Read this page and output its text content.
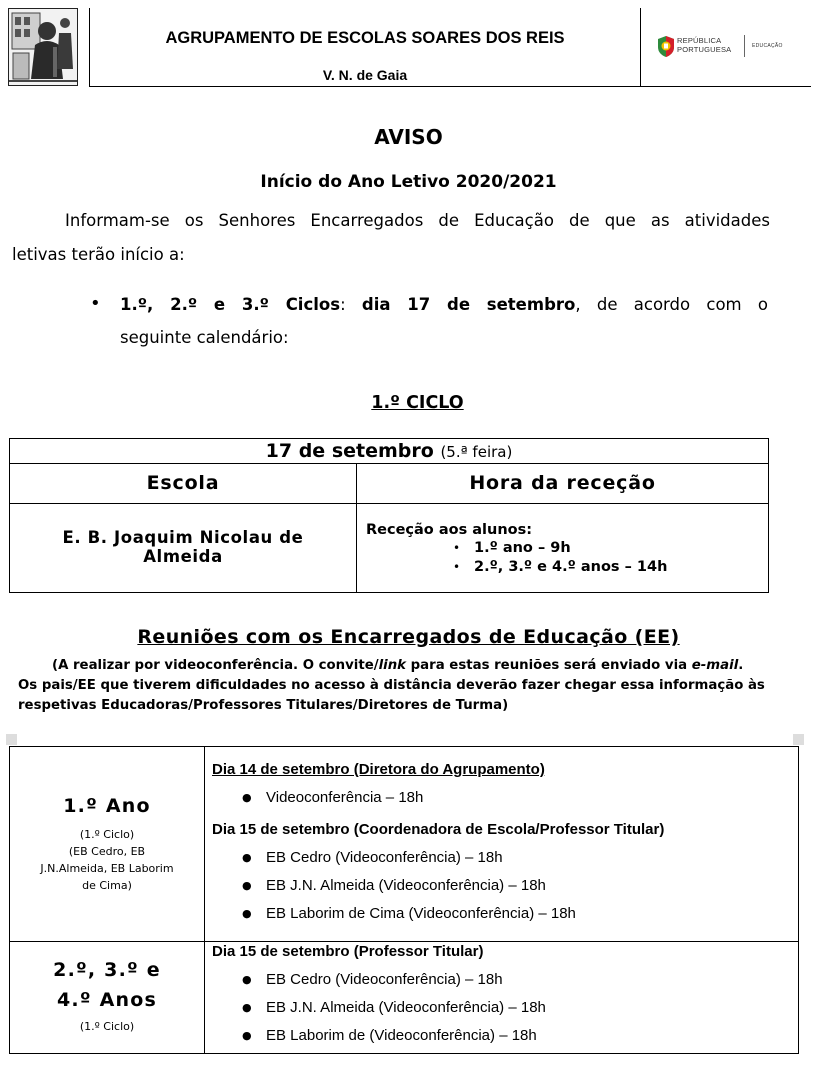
AGRUPAMENTO DE ESCOLAS SOARES DOS REIS
V. N. de Gaia
REPÚBLICA
PORTUGUESA	EDUCAÇÃO
AVISO
Início do Ano Letivo 2020/2021
Informam-se os Senhores Encarregados de Educação de que as atividades
letivas terão início a:
• 1.º, 2.º e 3.º Ciclos: dia 17 de setembro, de acordo com o
seguinte calendário:
1.º CICLO
17 de setembro (5.ª feira)
Escola	Hora da receção
E. B. Joaquim Nicolau de
Almeida
Receção aos alunos:
• 1.º ano – 9h
• 2.º, 3.º e 4.º anos – 14h
Reuniões com os Encarregados de Educação (EE)
(A realizar por videoconferência. O convite/link para estas reuniões será enviado via e-mail.
Os pais/EE que tiverem dificuldades no acesso à distância deverão fazer chegar essa informação às
respetivas Educadoras/Professores Titulares/Diretores de Turma)
1.º Ano
(1.º Ciclo)
(EB Cedro, EB
J.N.Almeida, EB Laborim
de Cima)
Dia 14 de setembro (Diretora do Agrupamento)
● Videoconferência – 18h
Dia 15 de setembro (Coordenadora de Escola/Professor Titular)
● EB Cedro (Videoconferência) – 18h
● EB J.N. Almeida (Videoconferência) – 18h
● EB Laborim de Cima (Videoconferência) – 18h
2.º, 3.º e
4.º Anos
(1.º Ciclo)
Dia 15 de setembro (Professor Titular)
● EB Cedro (Videoconferência) – 18h
● EB J.N. Almeida (Videoconferência) – 18h
● EB Laborim de (Videoconferência) – 18h
